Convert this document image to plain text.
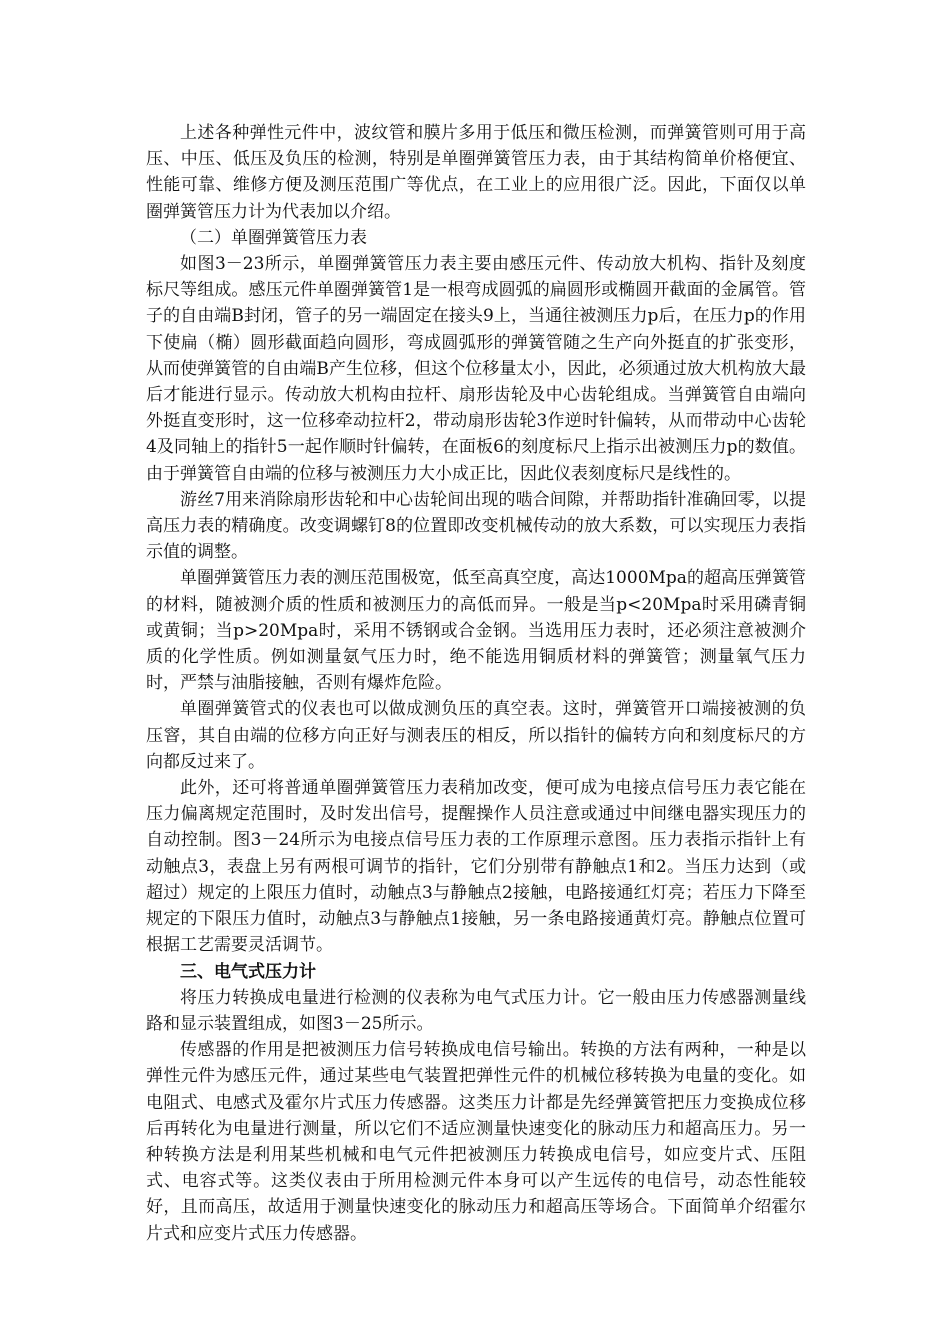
上述各种弹性元件中，波纹管和膜片多用于低压和微压检测，而弹簧管则可用于高压、中压、低压及负压的检测，特别是单圈弹簧管压力表，由于其结构简单价格便宜、性能可靠、维修方便及测压范围广等优点，在工业上的应用很广泛。因此，下面仅以单圈弹簧管压力计为代表加以介绍。

（二）单圈弹簧管压力表

如图3－23所示，单圈弹簧管压力表主要由感压元件、传动放大机构、指针及刻度标尺等组成。感压元件单圈弹簧管1是一根弯成圆弧的扁圆形或椭圆开截面的金属管。管子的自由端B封闭，管子的另一端固定在接头9上，当通往被测压力p后，在压力p的作用下使扁（椭）圆形截面趋向圆形，弯成圆弧形的弹簧管随之生产向外挺直的扩张变形，从而使弹簧管的自由端B产生位移，但这个位移量太小，因此，必须通过放大机构放大最后才能进行显示。传动放大机构由拉杆、扇形齿轮及中心齿轮组成。当弹簧管自由端向外挺直变形时，这一位移牵动拉杆2，带动扇形齿轮3作逆时针偏转，从而带动中心齿轮4及同轴上的指针5一起作顺时针偏转，在面板6的刻度标尺上指示出被测压力p的数值。由于弹簧管自由端的位移与被测压力大小成正比，因此仪表刻度标尺是线性的。

游丝7用来消除扇形齿轮和中心齿轮间出现的啮合间隙，并帮助指针准确回零，以提高压力表的精确度。改变调螺钉8的位置即改变机械传动的放大系数，可以实现压力表指示值的调整。

单圈弹簧管压力表的测压范围极宽，低至高真空度，高达1000Mpa的超高压弹簧管的材料，随被测介质的性质和被测压力的高低而异。一般是当p<20Mpa时采用磷青铜或黄铜；当p>20Mpa时，采用不锈钢或合金钢。当选用压力表时，还必须注意被测介质的化学性质。例如测量氨气压力时，绝不能选用铜质材料的弹簧管；测量氧气压力时，严禁与油脂接触，否则有爆炸危险。

单圈弹簧管式的仪表也可以做成测负压的真空表。这时，弹簧管开口端接被测的负压窨，其自由端的位移方向正好与测表压的相反，所以指针的偏转方向和刻度标尺的方向都反过来了。

此外，还可将普通单圈弹簧管压力表稍加改变，便可成为电接点信号压力表它能在压力偏离规定范围时，及时发出信号，提醒操作人员注意或通过中间继电器实现压力的自动控制。图3－24所示为电接点信号压力表的工作原理示意图。压力表指示指针上有动触点3，表盘上另有两根可调节的指针，它们分别带有静触点1和2。当压力达到（或超过）规定的上限压力值时，动触点3与静触点2接触，电路接通红灯亮；若压力下降至规定的下限压力值时，动触点3与静触点1接触，另一条电路接通黄灯亮。静触点位置可根据工艺需要灵活调节。

三、电气式压力计

将压力转换成电量进行检测的仪表称为电气式压力计。它一般由压力传感器测量线路和显示装置组成，如图3－25所示。

传感器的作用是把被测压力信号转换成电信号输出。转换的方法有两种，一种是以弹性元件为感压元件，通过某些电气装置把弹性元件的机械位移转换为电量的变化。如电阻式、电感式及霍尔片式压力传感器。这类压力计都是先经弹簧管把压力变换成位移后再转化为电量进行测量，所以它们不适应测量快速变化的脉动压力和超高压力。另一种转换方法是利用某些机械和电气元件把被测压力转换成电信号，如应变片式、压阻式、电容式等。这类仪表由于所用检测元件本身可以产生远传的电信号，动态性能较好，且而高压，故适用于测量快速变化的脉动压力和超高压等场合。下面简单介绍霍尔片式和应变片式压力传感器。
